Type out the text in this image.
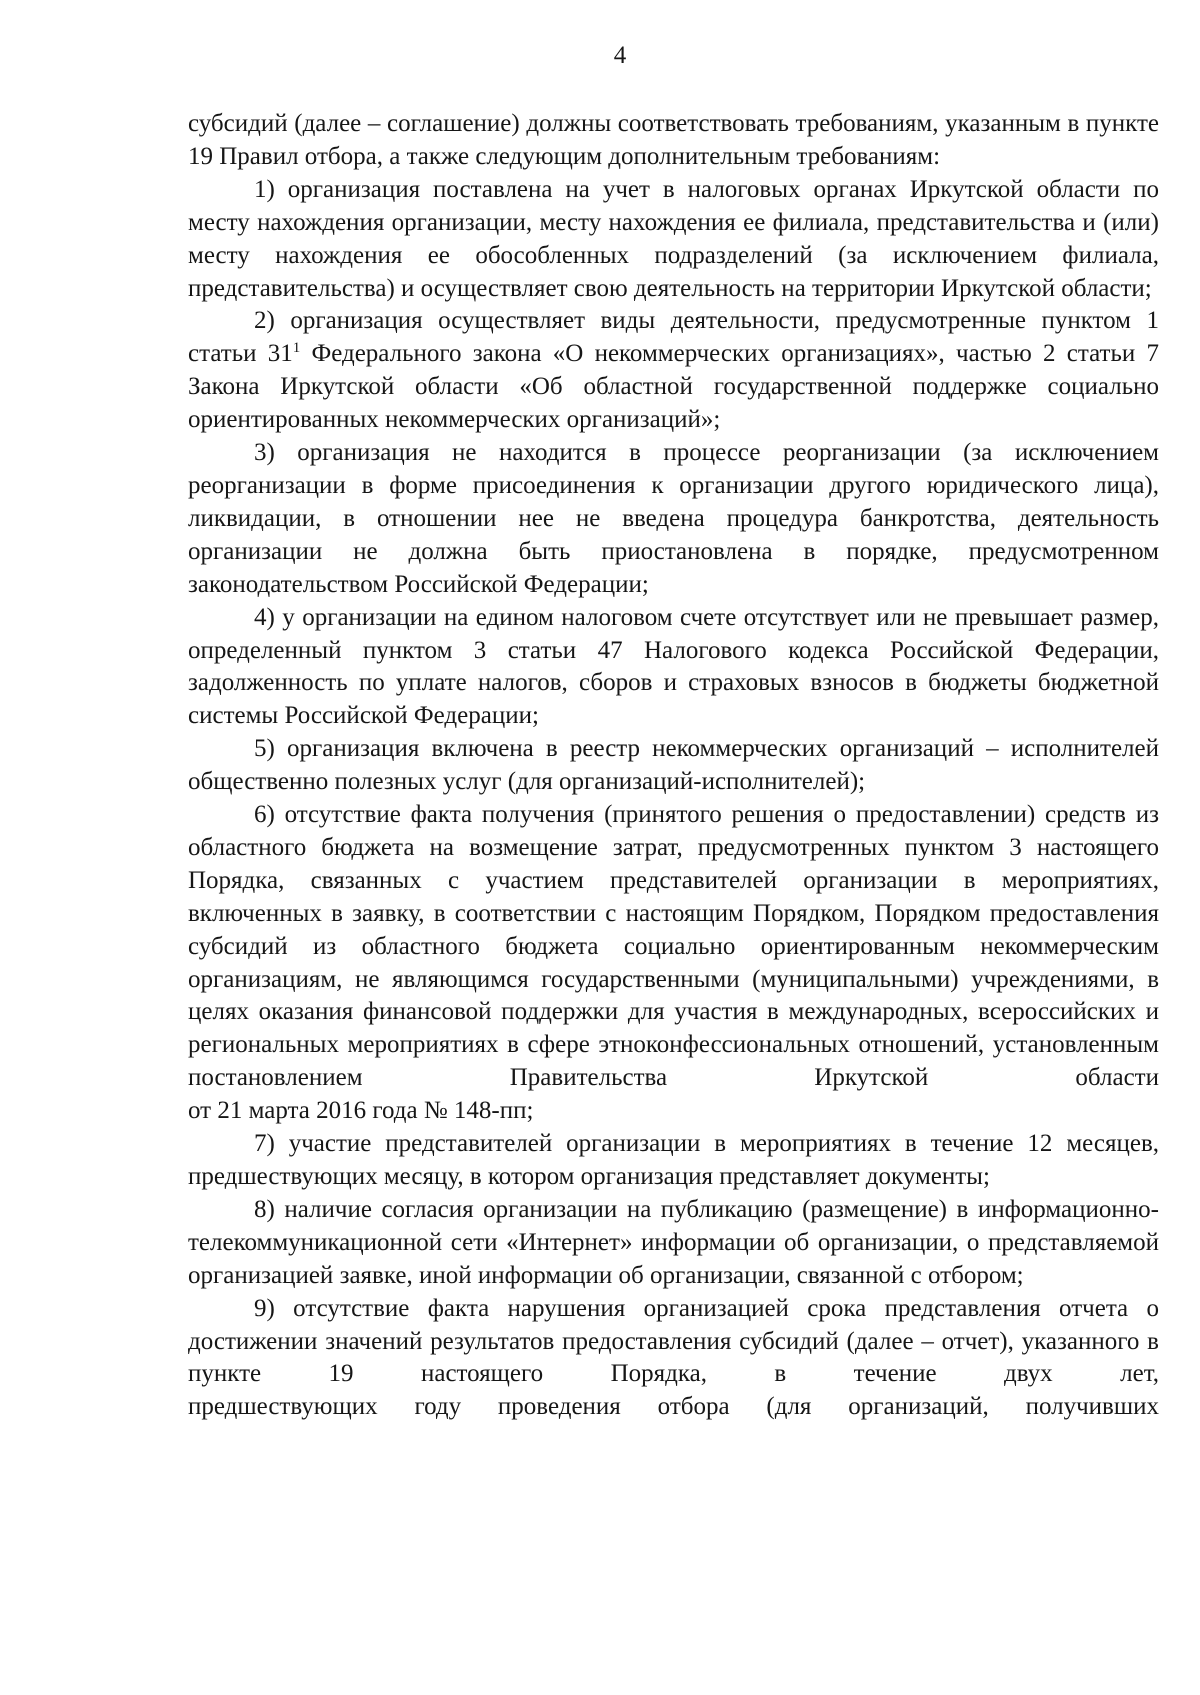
4

субсидий (далее – соглашение) должны соответствовать требованиям, указанным в пункте 19 Правил отбора, а также следующим дополнительным требованиям:

1) организация поставлена на учет в налоговых органах Иркутской области по месту нахождения организации, месту нахождения ее филиала, представительства и (или) месту нахождения ее обособленных подразделений (за исключением филиала, представительства) и осуществляет свою деятельность на территории Иркутской области;

2) организация осуществляет виды деятельности, предусмотренные пунктом 1 статьи $31^1$ Федерального закона «О некоммерческих организациях», частью 2 статьи 7 Закона Иркутской области «Об областной государственной поддержке социально ориентированных некоммерческих организаций»;

3) организация не находится в процессе реорганизации (за исключением реорганизации в форме присоединения к организации другого юридического лица), ликвидации, в отношении нее не введена процедура банкротства, деятельность организации не должна быть приостановлена в порядке, предусмотренном законодательством Российской Федерации;

4) у организации на едином налоговом счете отсутствует или не превышает размер, определенный пунктом 3 статьи 47 Налогового кодекса Российской Федерации, задолженность по уплате налогов, сборов и страховых взносов в бюджеты бюджетной системы Российской Федерации;

5) организация включена в реестр некоммерческих организаций – исполнителей общественно полезных услуг (для организаций-исполнителей);

6) отсутствие факта получения (принятого решения о предоставлении) средств из областного бюджета на возмещение затрат, предусмотренных пунктом 3 настоящего Порядка, связанных с участием представителей организации в мероприятиях, включенных в заявку, в соответствии с настоящим Порядком, Порядком предоставления субсидий из областного бюджета социально ориентированным некоммерческим организациям, не являющимся государственными (муниципальными) учреждениями, в целях оказания финансовой поддержки для участия в международных, всероссийских и региональных мероприятиях в сфере этноконфессиональных отношений, установленным постановлением Правительства Иркутской области

от 21 марта 2016 года № 148-пп;

7) участие представителей организации в мероприятиях в течение 12 месяцев, предшествующих месяцу, в котором организация представляет документы;

8) наличие согласия организации на публикацию (размещение) в информационно-телекоммуникационной сети «Интернет» информации об организации, о представляемой организацией заявке, иной информации об организации, связанной с отбором;

9) отсутствие факта нарушения организацией срока представления отчета о достижении значений результатов предоставления субсидий (далее – отчет), указанного в пункте 19 настоящего Порядка, в течение двух лет,

предшествующих году проведения отбора (для организаций, получивших
